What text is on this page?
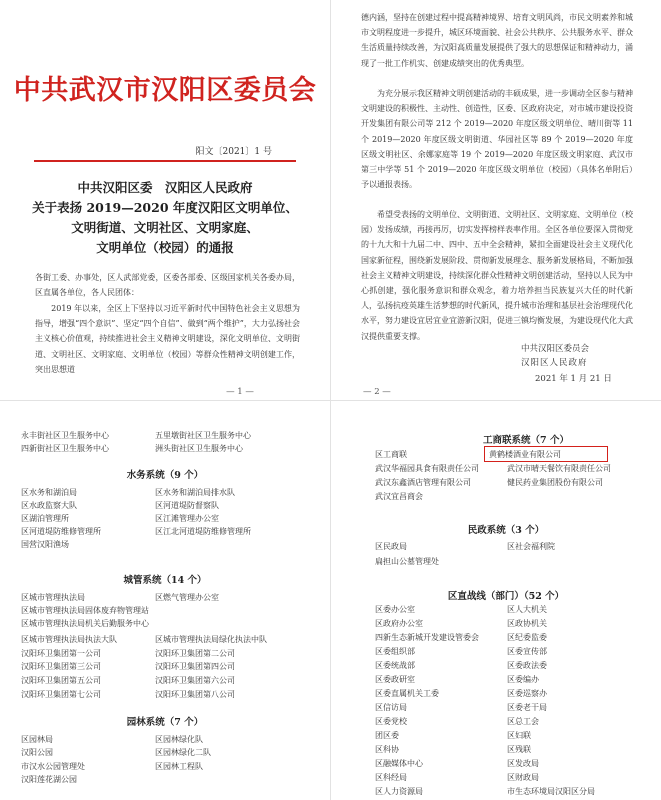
中共武汉市汉阳区委员会
阳文〔2021〕1 号
中共汉阳区委　汉阳区人民政府
关于表扬 2019—2020 年度汉阳区文明单位、
文明街道、文明社区、文明家庭、
文明单位（校园）的通报
各街工委、办事处，区人武部党委，区委各部委、区级国家机关各委办局，区直属各单位，各人民团体：
　　2019 年以来，全区上下坚持以习近平新时代中国特色社会主义思想为指导，增强“四个意识”、坚定“四个自信”、做到“两个维护”，大力弘扬社会主义核心价值观，持续推进社会主义精神文明建设，深化文明单位、文明街道、文明社区、文明家庭、文明单位（校园）等群众性精神文明创建工作，突出思想道
— 1 —
德内涵，坚持在创建过程中提高精神境界、培育文明风尚，市民文明素养和城市文明程度进一步提升，城区环境面貌、社会公共秩序、公共服务水平、群众生活质量持续改善，为汉阳高质量发展提供了强大的思想保证和精神动力，涌现了一批工作机实、创建成绩突出的优秀典型。
　　为充分展示我区精神文明创建活动的丰硕成果，进一步调动全区参与精神文明建设的积极性、主动性、创造性，区委、区政府决定，对市城市建设投资开发集团有限公司等 212 个 2019—2020 年度区级文明单位、晴川街等 11 个 2019—2020 年度区级文明街道、华园社区等 89 个 2019—2020 年度区级文明社区、余娜家庭等 19 个 2019—2020 年度区级文明家庭、武汉市第三中学等 51 个 2019—2020 年度区级文明单位（校园）（具体名单附后）予以通报表扬。
　　希望受表扬的文明单位、文明街道、文明社区、文明家庭、文明单位（校园）发扬成绩，再接再厉，切实发挥榜样表率作用。全区各单位要深入贯彻党的十九大和十九届二中、四中、五中全会精神，紧扣全面建设社会主义现代化国家新征程，围绕新发展阶段、贯彻新发展理念、服务新发展格局，不断加强社会主义精神文明建设，持续深化群众性精神文明创建活动，坚持以人民为中心抓创建，强化服务意识和群众观念，着力培养担当民族复兴大任的时代新人，弘扬抗疫英雄生活梦想的时代新风，提升城市治理和基层社会治理现代化水平，努力建设宜居宜业宜游新汉阳，促进三镇均衡发展，为建设现代化大武汉提供重要支撑。
中共汉阳区委员会
汉阳区人民政府
2021 年 1 月 21 日
— 2 —
永丰街社区卫生服务中心	五里墩街社区卫生服务中心
四新街社区卫生服务中心	洲头街社区卫生服务中心
水务系统（9 个）
区水务和湖泊局	区水务和湖泊局排水队
区水政监察大队	区河道堤防督察队
区湖泊管理所	区江滩管理办公室
区河道堤防维修管理所	区江北河道堤防维修管理所
国营汉阳渔场
城管系统（14 个）
区城市管理执法局	区燃气管理办公室
区城市管理执法局固体废弃物管理站
区城市管理执法局机关后勤服务中心
区城市管理执法局执法大队	区城市管理执法局绿化执法中队
汉阳环卫集团第一公司	汉阳环卫集团第二公司
汉阳环卫集团第三公司	汉阳环卫集团第四公司
汉阳环卫集团第五公司	汉阳环卫集团第六公司
汉阳环卫集团第七公司	汉阳环卫集团第八公司
园林系统（7 个）
区园林局	区园林绿化队
汉阳公园	区园林绿化二队
市汉水公园管理处	区园林工程队
汉阳莲花湖公园
工商联系统（7 个）
区工商联	黄鹤楼酒业有限公司
武汉华福园具食有限责任公司	武汉市晴天餐饮有限责任公司
武汉东鑫酒店管理有限公司	健民药业集团股份有限公司
武汉宜昌商会
民政系统（3 个）
区民政局	区社会福利院
扁担山公墓管理处
区直战线（部门）（52 个）
区委办公室	区人大机关
区政府办公室	区政协机关
四新生态新城开发建设管委会	区纪委监委
区委组织部	区委宣传部
区委统战部	区委政法委
区委政研室	区委编办
区委直属机关工委	区委巡察办
区信访局	区委老干局
区委党校	区总工会
团区委	区妇联
区科协	区残联
区融媒体中心	区发改局
区科经局	区财政局
区人力资源局	市生态环境局汉阳区分局
